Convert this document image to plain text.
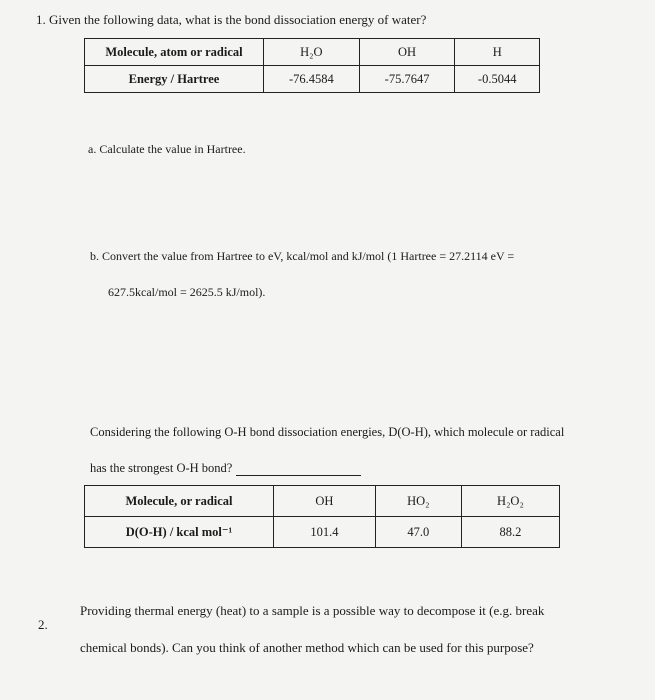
1. Given the following data, what is the bond dissociation energy of water?
Molecule, atom or radical	H₂O	OH	H
Energy / Hartree	-76.4584	-75.7647	-0.5044
a. Calculate the value in Hartree.
b. Convert the value from Hartree to eV, kcal/mol and kJ/mol (1 Hartree = 27.2114 eV =
627.5kcal/mol = 2625.5 kJ/mol).
Considering the following O-H bond dissociation energies, D(O-H), which molecule or radical
has the strongest O-H bond?
Molecule, or radical	OH	HO₂	H₂O₂
D(O-H) / kcal mol⁻¹	101.4	47.0	88.2
2.
Providing thermal energy (heat) to a sample is a possible way to decompose it (e.g. break
chemical bonds). Can you think of another method which can be used for this purpose?
